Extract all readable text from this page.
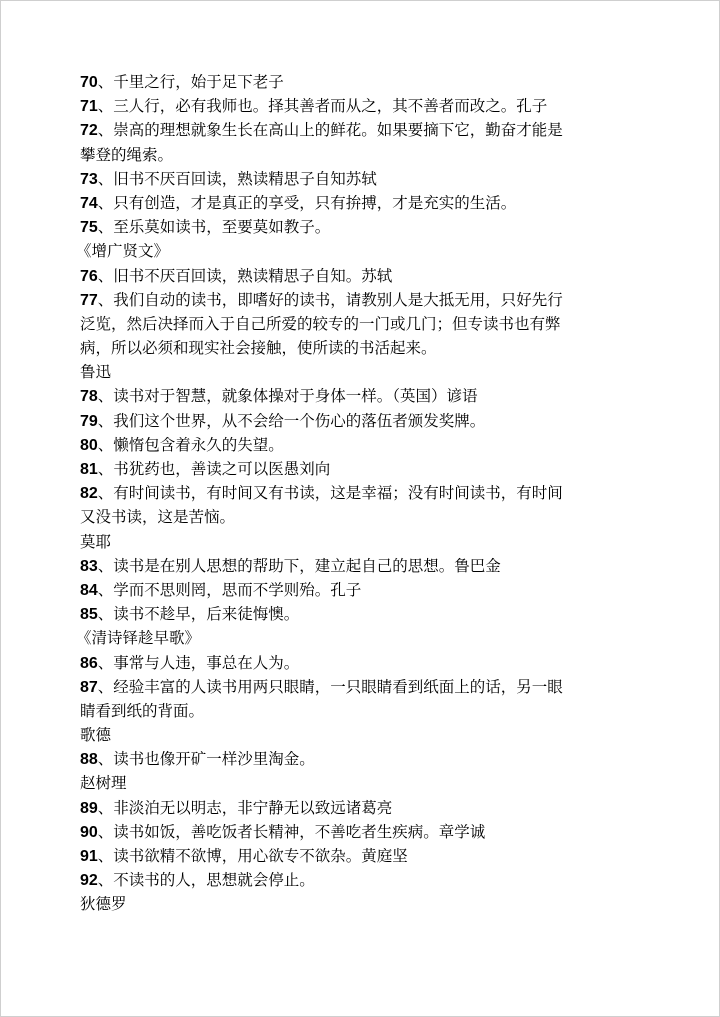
70、千里之行，始于足下老子
71、三人行，必有我师也。择其善者而从之，其不善者而改之。孔子
72、崇高的理想就象生长在高山上的鲜花。如果要摘下它，勤奋才能是
攀登的绳索。
73、旧书不厌百回读，熟读精思子自知苏轼
74、只有创造，才是真正的享受，只有拚搏，才是充实的生活。
75、至乐莫如读书，至要莫如教子。
《增广贤文》
76、旧书不厌百回读，熟读精思子自知。苏轼
77、我们自动的读书，即嗜好的读书，请教别人是大抵无用，只好先行
泛览，然后决择而入于自己所爱的较专的一门或几门；但专读书也有弊
病，所以必须和现实社会接触，使所读的书活起来。
鲁迅
78、读书对于智慧，就象体操对于身体一样。（英国）谚语
79、我们这个世界，从不会给一个伤心的落伍者颁发奖牌。
80、懒惰包含着永久的失望。
81、书犹药也，善读之可以医愚刘向
82、有时间读书，有时间又有书读，这是幸福；没有时间读书，有时间
又没书读，这是苦恼。
莫耶
83、读书是在别人思想的帮助下，建立起自己的思想。鲁巴金
84、学而不思则罔，思而不学则殆。孔子
85、读书不趁早，后来徒悔懊。
《清诗铎趁早歌》
86、事常与人违，事总在人为。
87、经验丰富的人读书用两只眼睛，一只眼睛看到纸面上的话，另一眼
睛看到纸的背面。
歌德
88、读书也像开矿一样沙里淘金。
赵树理
89、非淡泊无以明志，非宁静无以致远诸葛亮
90、读书如饭，善吃饭者长精神，不善吃者生疾病。章学诚
91、读书欲精不欲博，用心欲专不欲杂。黄庭坚
92、不读书的人，思想就会停止。
狄德罗
